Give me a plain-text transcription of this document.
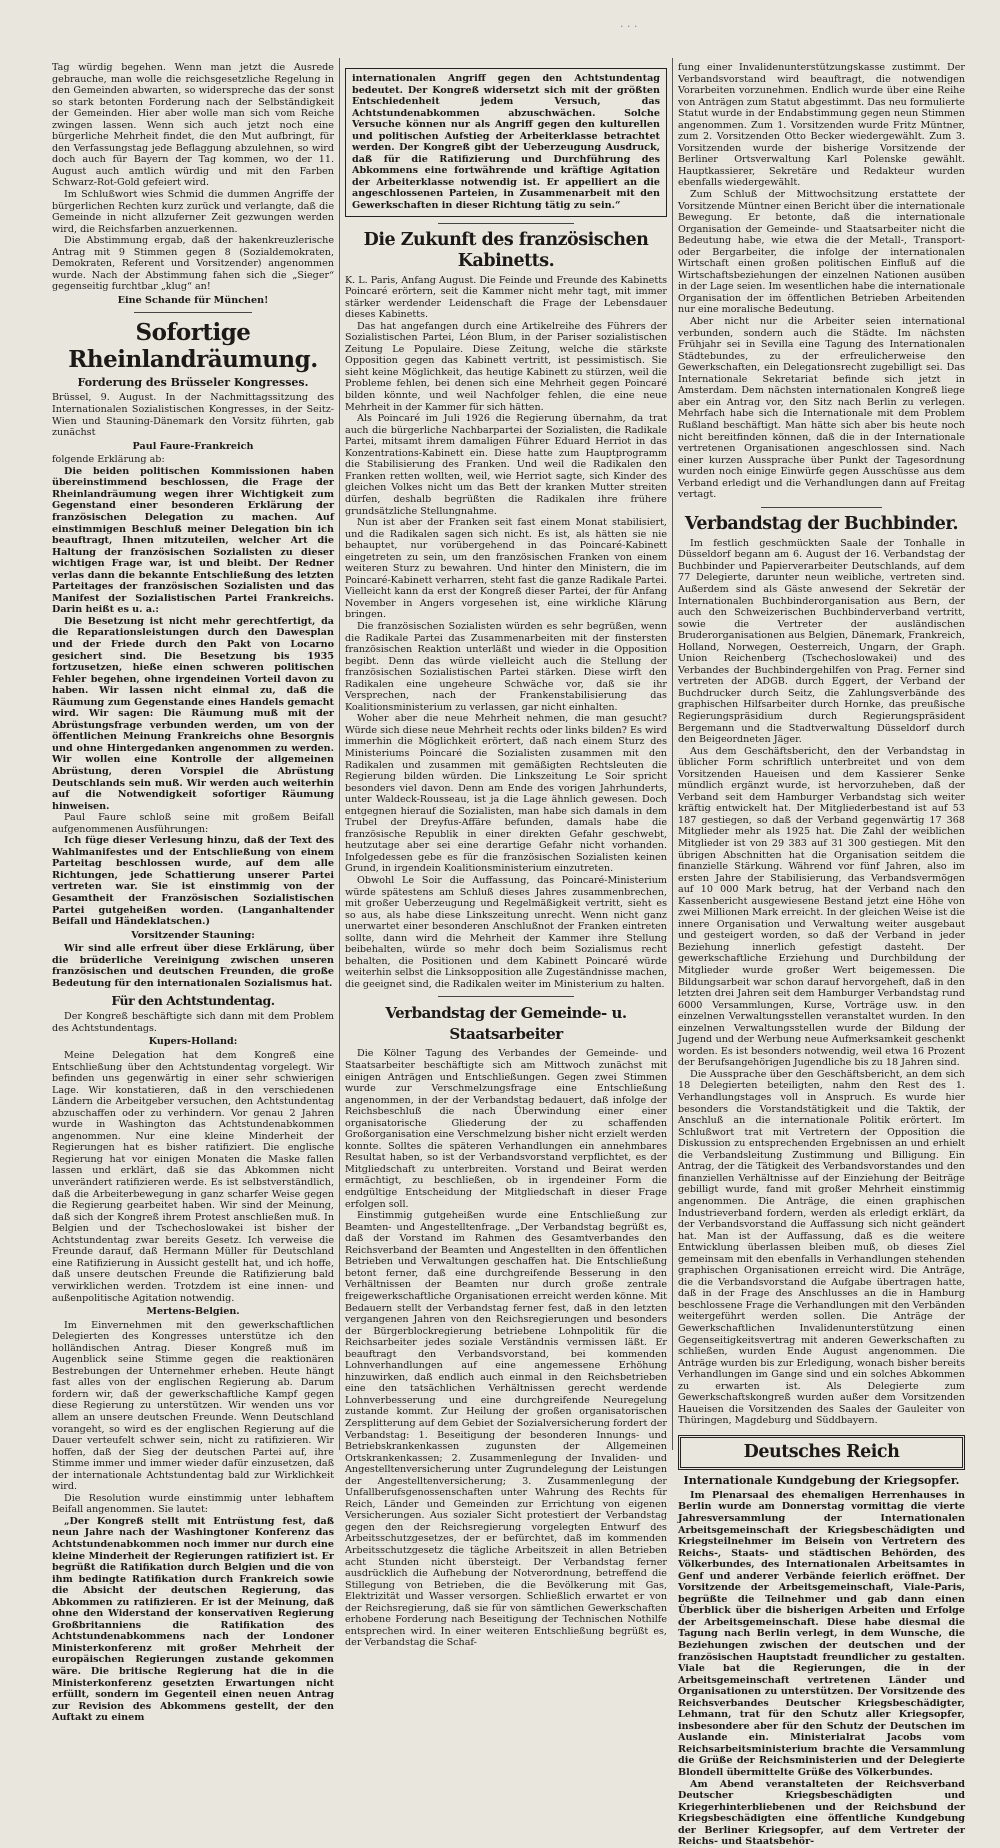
· · ·

Tag würdig begehen. Wenn man jetzt die Ausrede gebrauche, man wolle die reichsgesetzliche Regelung in den Gemeinden abwarten, so widerspreche das der sonst so stark betonten Forderung nach der Selbständigkeit der Gemeinden. Hier aber wolle man sich vom Reiche zwingen lassen. Wenn sich auch jetzt noch eine bürgerliche Mehrheit findet, die den Mut aufbringt, für den Verfassungstag jede Beflaggung abzulehnen, so wird doch auch für Bayern der Tag kommen, wo der 11. August auch amtlich würdig und mit den Farben Schwarz-Rot-Gold gefeiert wird.

Im Schlußwort wies Schmid die dummen Angriffe der bürgerlichen Rechten kurz zurück und verlangte, daß die Gemeinde in nicht allzuferner Zeit gezwungen werden wird, die Reichsfarben anzuerkennen.

Die Abstimmung ergab, daß der hakenkreuzlerische Antrag mit 9 Stimmen gegen 8 (Sozialdemokraten, Demokraten, Referent und Vorsitzender) angenommen wurde. Nach der Abstimmung fahen sich die „Sieger“ gegenseitig furchtbar „klug“ an!

Eine Schande für München!
Sofortige Rheinlandräumung.
Forderung des Brüsseler Kongresses.

Brüssel, 9. August. In der Nachmittagssitzung des Internationalen Sozialistischen Kongresses, in der Seitz-Wien und Stauning-Dänemark den Vorsitz führten, gab zunächst

Paul Faure-Frankreich

folgende Erklärung ab:

Die beiden politischen Kommissionen haben übereinstimmend beschlossen, die Frage der Rheinlandräumung wegen ihrer Wichtigkeit zum Gegenstand einer besonderen Erklärung der französischen Delegation zu machen. Auf einstimmigen Beschluß meiner Delegation bin ich beauftragt, Ihnen mitzuteilen, welcher Art die Haltung der französischen Sozialisten zu dieser wichtigen Frage war, ist und bleibt. Der Redner verlas dann die bekannte Entschließung des letzten Parteitages der französischen Sozialisten und das Manifest der Sozialistischen Partei Frankreichs. Darin heißt es u. a.:

Die Besetzung ist nicht mehr gerechtfertigt, da die Reparationsleistungen durch den Dawesplan und der Friede durch den Pakt von Locarno gesichert sind. Die Besetzung bis 1935 fortzusetzen, hieße einen schweren politischen Fehler begehen, ohne irgendeinen Vorteil davon zu haben. Wir lassen nicht einmal zu, daß die Räumung zum Gegenstande eines Handels gemacht wird. Wir sagen: Die Räumung muß mit der Abrüstungsfrage verbunden werden, um von der öffentlichen Meinung Frankreichs ohne Besorgnis und ohne Hintergedanken angenommen zu werden. Wir wollen eine Kontrolle der allgemeinen Abrüstung, deren Vorspiel die Abrüstung Deutschlands sein muß. Wir werden auch weiterhin auf die Notwendigkeit sofortiger Räumung hinweisen.

Paul Faure schloß seine mit großem Beifall aufgenommenen Ausführungen:

Ich füge dieser Verlesung hinzu, daß der Text des Wahlmanifestes und der Entschließung von einem Parteitag beschlossen wurde, auf dem alle Richtungen, jede Schattierung unserer Partei vertreten war. Sie ist einstimmig von der Gesamtheit der Französischen Sozialistischen Partei gutgeheißen worden. (Langanhaltender Beifall und Händeklatschen.)

Vorsitzender Stauning:

Wir sind alle erfreut über diese Erklärung, über die brüderliche Vereinigung zwischen unseren französischen und deutschen Freunden, die große Bedeutung für den internationalen Sozialismus hat.

Für den Achtstundentag.

Der Kongreß beschäftigte sich dann mit dem Problem des Achtstundentags.

Kupers-Holland:

Meine Delegation hat dem Kongreß eine Entschließung über den Achtstundentag vorgelegt. Wir befinden uns gegenwärtig in einer sehr schwierigen Lage. Wir konstatieren, daß in den verschiedenen Ländern die Arbeitgeber versuchen, den Achtstundentag abzuschaffen oder zu verhindern. Vor genau 2 Jahren wurde in Washington das Achtstundenabkommen angenommen. Nur eine kleine Minderheit der Regierungen hat es bisher ratifiziert. Die englische Regierung hat vor einigen Monaten die Maske fallen lassen und erklärt, daß sie das Abkommen nicht unverändert ratifizieren werde. Es ist selbstverständlich, daß die Arbeiterbewegung in ganz scharfer Weise gegen die Regierung gearbeitet haben. Wir sind der Meinung, daß sich der Kongreß ihrem Protest anschließen muß. In Belgien und der Tschechoslowakei ist bisher der Achtstundentag zwar bereits Gesetz. Ich verweise die Freunde darauf, daß Hermann Müller für Deutschland eine Ratifizierung in Aussicht gestellt hat, und ich hoffe, daß unsere deutschen Freunde die Ratifizierung bald verwirklichen werden. Trotzdem ist eine innen- und außenpolitische Agitation notwendig.

Mertens-Belgien.

Im Einvernehmen mit den gewerkschaftlichen Delegierten des Kongresses unterstütze ich den holländischen Antrag. Dieser Kongreß muß im Augenblick seine Stimme gegen die reaktionären Bestrebungen der Unternehmer erheben. Heute hängt fast alles von der englischen Regierung ab. Darum fordern wir, daß der gewerkschaftliche Kampf gegen diese Regierung zu unterstützen. Wir wenden uns vor allem an unsere deutschen Freunde. Wenn Deutschland vorangeht, so wird es der englischen Regierung auf die Dauer verteufelt schwer sein, nicht zu ratifizieren. Wir hoffen, daß der Sieg der deutschen Partei auf, ihre Stimme immer und immer wieder dafür einzusetzen, daß der internationale Achtstundentag bald zur Wirklichkeit wird.

Die Resolution wurde einstimmig unter lebhaftem Beifall angenommen. Sie lautet:

„Der Kongreß stellt mit Entrüstung fest, daß neun Jahre nach der Washingtoner Konferenz das Achtstundenabkommen noch immer nur durch eine kleine Minderheit der Regierungen ratifiziert ist. Er begrüßt die Ratifikation durch Belgien und die von ihm bedingte Ratifikation durch Frankreich sowie die Absicht der deutschen Regierung, das Abkommen zu ratifizieren. Er ist der Meinung, daß ohne den Widerstand der konservativen Regierung Großbritanniens die Ratifikation des Achtstundenabkommens nach der Londoner Ministerkonferenz mit großer Mehrheit der europäischen Regierungen zustande gekommen wäre. Die britische Regierung hat die in die Ministerkonferenz gesetzten Erwartungen nicht erfüllt, sondern im Gegenteil einen neuen Antrag zur Revision des Abkommens gestellt, der den Auftakt zu einem

internationalen Angriff gegen den Achtstundentag bedeutet. Der Kongreß widersetzt sich mit der größten Entschiedenheit jedem Versuch, das Achtstundenabkommen abzuschwächen. Solche Versuche können nur als Angriff gegen den kulturellen und politischen Aufstieg der Arbeiterklasse betrachtet werden. Der Kongreß gibt der Ueberzeugung Ausdruck, daß für die Ratifizierung und Durchführung des Abkommens eine fortwährende und kräftige Agitation der Arbeiterklasse notwendig ist. Er appelliert an die angeschlossenen Parteien, in Zusammenarbeit mit den Gewerkschaften in dieser Richtung tätig zu sein.“

Die Zukunft des französischen Kabinetts.

K. L. Paris, Anfang August. Die Feinde und Freunde des Kabinetts Poincaré erörtern, seit die Kammer nicht mehr tagt, mit immer stärker werdender Leidenschaft die Frage der Lebensdauer dieses Kabinetts.

Das hat angefangen durch eine Artikelreihe des Führers der Sozialistischen Partei, Léon Blum, in der Pariser sozialistischen Zeitung Le Populaire. Diese Zeitung, welche die stärkste Opposition gegen das Kabinett vertritt, ist pessimistisch. Sie sieht keine Möglichkeit, das heutige Kabinett zu stürzen, weil die Probleme fehlen, bei denen sich eine Mehrheit gegen Poincaré bilden könnte, und weil Nachfolger fehlen, die eine neue Mehrheit in der Kammer für sich hätten.

Als Poincaré im Juli 1926 die Regierung übernahm, da trat auch die bürgerliche Nachbarpartei der Sozialisten, die Radikale Partei, mitsamt ihrem damaligen Führer Eduard Herriot in das Konzentrations-Kabinett ein. Diese hatte zum Hauptprogramm die Stabilisierung des Franken. Und weil die Radikalen den Franken retten wollten, weil, wie Herriot sagte, sich Kinder des gleichen Volkes nicht um das Bett der kranken Mutter streiten dürfen, deshalb begrüßten die Radikalen ihre frühere grundsätzliche Stellungnahme.

Nun ist aber der Franken seit fast einem Monat stabilisiert, und die Radikalen sagen sich nicht. Es ist, als hätten sie nie behauptet, nur vorübergehend in das Poincaré-Kabinett eingetreten zu sein, um den französischen Franken von einem weiteren Sturz zu bewahren. Und hinter den Ministern, die im Poincaré-Kabinett verharren, steht fast die ganze Radikale Partei. Vielleicht kann da erst der Kongreß dieser Partei, der für Anfang November in Angers vorgesehen ist, eine wirkliche Klärung bringen.

Die französischen Sozialisten würden es sehr begrüßen, wenn die Radikale Partei das Zusammenarbeiten mit der finstersten französischen Reaktion unterläßt und wieder in die Opposition begibt. Denn das würde vielleicht auch die Stellung der französischen Sozialistischen Partei stärken. Diese wirft den Radikalen eine ungeheure Schwäche vor, daß sie ihr Versprechen, nach der Frankenstabilisierung das Koalitionsministerium zu verlassen, gar nicht einhalten.

Woher aber die neue Mehrheit nehmen, die man gesucht? Würde sich diese neue Mehrheit rechts oder links bilden? Es wird immerhin die Möglichkeit erörtert, daß nach einem Sturz des Ministeriums Poincaré die Sozialisten zusammen mit den Radikalen und zusammen mit gemäßigten Rechtsleuten die Regierung bilden würden. Die Linkszeitung Le Soir spricht besonders viel davon. Denn am Ende des vorigen Jahrhunderts, unter Waldeck-Rousseau, ist ja die Lage ähnlich gewesen. Doch entgegnen hierauf die Sozialisten, man habe sich damals in dem Trubel der Dreyfus-Affäre befunden, damals habe die französische Republik in einer direkten Gefahr geschwebt, heutzutage aber sei eine derartige Gefahr nicht vorhanden. Infolgedessen gebe es für die französischen Sozialisten keinen Grund, in irgendein Koalitionsministerium einzutreten.

Obwohl Le Soir die Auffassung, das Poincaré-Ministerium würde spätestens am Schluß dieses Jahres zusammenbrechen, mit großer Ueberzeugung und Regelmäßigkeit vertritt, sieht es so aus, als habe diese Linkszeitung unrecht. Wenn nicht ganz unerwartet einer besonderen Anschlußnot der Franken eintreten sollte, dann wird die Mehrheit der Kammer ihre Stellung beibehalten, würde so mehr doch beim Sozialismus recht behalten, die Positionen und dem Kabinett Poincaré würde weiterhin selbst die Linksopposition alle Zugeständnisse machen, die geeignet sind, die Radikalen weiter im Ministerium zu halten.

Verbandstag der Gemeinde- u. Staatsarbeiter

Die Kölner Tagung des Verbandes der Gemeinde- und Staatsarbeiter beschäftigte sich am Mittwoch zunächst mit einigen Anträgen und Entschließungen. Gegen zwei Stimmen wurde zur Verschmelzungsfrage eine Entschließung angenommen, in der der Verbandstag bedauert, daß infolge der Reichsbeschluß die nach Überwindung einer einer organisatorische Gliederung der zu schaffenden Großorganisation eine Verschmelzung bisher nicht erzielt werden konnte. Solltes die späteren Verhandlungen ein annehmbares Resultat haben, so ist der Verbandsvorstand verpflichtet, es der Mitgliedschaft zu unterbreiten. Vorstand und Beirat werden ermächtigt, zu beschließen, ob in irgendeiner Form die endgültige Entscheidung der Mitgliedschaft in dieser Frage erfolgen soll.

Einstimmig gutgeheißen wurde eine Entschließung zur Beamten- und Angestelltenfrage. „Der Verbandstag begrüßt es, daß der Vorstand im Rahmen des Gesamtverbandes den Reichsverband der Beamten und Angestellten in den öffentlichen Betrieben und Verwaltungen geschaffen hat. Die Entschließung betont ferner, daß eine durchgreifende Besserung in den Verhältnissen der Beamten nur durch große zentrale freigewerkschaftliche Organisationen erreicht werden könne. Mit Bedauern stellt der Verbandstag ferner fest, daß in den letzten vergangenen Jahren von den Reichsregierungen und besonders der Bürgerblockregierung betriebene Lohnpolitik für die Reichsarbeiter jedes soziale Verständnis vermissen läßt. Er beauftragt den Verbandsvorstand, bei kommenden Lohnverhandlungen auf eine angemessene Erhöhung hinzuwirken, daß endlich auch einmal in den Reichsbetrieben eine den tatsächlichen Verhältnissen gerecht werdende Lohnverbesserung und eine durchgreifende Neuregelung zustande kommt. Zur Heilung der großen organisatorischen Zersplitterung auf dem Gebiet der Sozialversicherung fordert der Verbandstag: 1. Beseitigung der besonderen Innungs- und Betriebskrankenkassen zugunsten der Allgemeinen Ortskrankenkassen; 2. Zusammenlegung der Invaliden- und Angestelltenversicherung unter Zugrundelegung der Leistungen der Angestelltenversicherung; 3. Zusammenlegung der Unfallberufsgenossenschaften unter Wahrung des Rechts für Reich, Länder und Gemeinden zur Errichtung von eigenen Versicherungen. Aus sozialer Sicht protestiert der Verbandstag gegen den der Reichsregierung vorgelegten Entwurf des Arbeitsschutzgesetzes, der er befürchtet, daß im kommenden Arbeitsschutzgesetz die tägliche Arbeitszeit in allen Betrieben acht Stunden nicht übersteigt. Der Verbandstag ferner ausdrücklich die Aufhebung der Notverordnung, betreffend die Stillegung von Betrieben, die die Bevölkerung mit Gas, Elektrizität und Wasser versorgen. Schließlich erwartet er von der Reichsregierung, daß sie für von sämtlichen Gewerkschaften erhobene Forderung nach Beseitigung der Technischen Nothilfe entsprechen wird. In einer weiteren Entschließung begrüßt es, der Verbandstag die Schaf-

fung einer Invalidenunterstützungskasse zustimmt. Der Verbandsvorstand wird beauftragt, die notwendigen Vorarbeiten vorzunehmen. Endlich wurde über eine Reihe von Anträgen zum Statut abgestimmt. Das neu formulierte Statut wurde in der Endabstimmung gegen neun Stimmen angenommen. Zum 1. Vorsitzenden wurde Fritz Müntner, zum 2. Vorsitzenden Otto Becker wiedergewählt. Zum 3. Vorsitzenden wurde der bisherige Vorsitzende der Berliner Ortsverwaltung Karl Polenske gewählt. Hauptkassierer, Sekretäre und Redakteur wurden ebenfalls wiedergewählt.

Zum Schluß der Mittwochsitzung erstattete der Vorsitzende Müntner einen Bericht über die internationale Bewegung. Er betonte, daß die internationale Organisation der Gemeinde- und Staatsarbeiter nicht die Bedeutung habe, wie etwa die der Metall-, Transport- oder Bergarbeiter, die infolge der internationalen Wirtschaft einen großen politischen Einfluß auf die Wirtschaftsbeziehungen der einzelnen Nationen ausüben in der Lage seien. Im wesentlichen habe die internationale Organisation der im öffentlichen Betrieben Arbeitenden nur eine moralische Bedeutung.

Aber nicht nur die Arbeiter seien international verbunden, sondern auch die Städte. Im nächsten Frühjahr sei in Sevilla eine Tagung des Internationalen Städtebundes, zu der erfreulicherweise den Gewerkschaften, ein Delegationsrecht zugebilligt sei. Das Internationale Sekretariat befinde sich jetzt in Amsterdam. Dem nächsten internationalen Kongreß liege aber ein Antrag vor, den Sitz nach Berlin zu verlegen. Mehrfach habe sich die Internationale mit dem Problem Rußland beschäftigt. Man hätte sich aber bis heute noch nicht bereitfinden können, daß die in der Internationale vertretenen Organisationen angeschlossen sind. Nach einer kurzen Aussprache über Punkt der Tagesordnung wurden noch einige Einwürfe gegen Ausschüsse aus dem Verband erledigt und die Verhandlungen dann auf Freitag vertagt.

Verbandstag der Buchbinder.

Im festlich geschmückten Saale der Tonhalle in Düsseldorf begann am 6. August der 16. Verbandstag der Buchbinder und Papierverarbeiter Deutschlands, auf dem 77 Delegierte, darunter neun weibliche, vertreten sind. Außerdem sind als Gäste anwesend der Sekretär der Internationalen Buchbinderorganisation aus Bern, der auch den Schweizerischen Buchbinderverband vertritt, sowie die Vertreter der ausländischen Bruderorganisationen aus Belgien, Dänemark, Frankreich, Holland, Norwegen, Oesterreich, Ungarn, der Graph. Union Reichenberg (Tschechoslowakei) und des Verbandes der Buchbindergehilfen von Prag. Ferner sind vertreten der ADGB. durch Eggert, der Verband der Buchdrucker durch Seitz, die Zahlungsverbände des graphischen Hilfsarbeiter durch Hornke, das preußische Regierungspräsidium durch Regierungspräsident Bergemann und die Stadtverwaltung Düsseldorf durch den Beigeordneten Jäger.

Aus dem Geschäftsbericht, den der Verbandstag in üblicher Form schriftlich unterbreitet und von dem Vorsitzenden Haueisen und dem Kassierer Senke mündlich ergänzt wurde, ist hervorzuheben, daß der Verband seit dem Hamburger Verbandstag sich weiter kräftig entwickelt hat. Der Mitgliederbestand ist auf 53 187 gestiegen, so daß der Verband gegenwärtig 17 368 Mitglieder mehr als 1925 hat. Die Zahl der weiblichen Mitglieder ist von 29 383 auf 31 300 gestiegen. Mit den übrigen Abschnitten hat die Organisation seitdem die finanzielle Stärkung. Während vor fünf Jahren, also im ersten Jahre der Stabilisierung, das Verbandsvermögen auf 10 000 Mark betrug, hat der Verband nach den Kassenbericht ausgewiesene Bestand jetzt eine Höhe von zwei Millionen Mark erreicht. In der gleichen Weise ist die innere Organisation und Verwaltung weiter ausgebaut und gesteigert worden, so daß der Verband in jeder Beziehung innerlich gefestigt dasteht. Der gewerkschaftliche Erziehung und Durchbildung der Mitglieder wurde großer Wert beigemessen. Die Bildungsarbeit war schon darauf hervorgeheft, daß in den letzten drei Jahren seit dem Hamburger Verbandstag rund 6000 Versammlungen, Kurse, Vorträge usw. in den einzelnen Verwaltungsstellen veranstaltet wurden. In den einzelnen Verwaltungsstellen wurde der Bildung der Jugend und der Werbung neue Aufmerksamkeit geschenkt worden. Es ist besonders notwendig, weil etwa 16 Prozent der Berufsangehörigen Jugendliche bis zu 18 Jahren sind.

Die Aussprache über den Geschäftsbericht, an dem sich 18 Delegierten beteiligten, nahm den Rest des 1. Verhandlungstages voll in Anspruch. Es wurde hier besonders die Vorstandstätigkeit und die Taktik, der Anschluß an die internationale Politik erörtert. Im Schlußwort trat mit Vertretern der Opposition die Diskussion zu entsprechenden Ergebnissen an und erhielt die Verbandsleitung Zustimmung und Billigung. Ein Antrag, der die Tätigkeit des Verbandsvorstandes und den finanziellen Verhältnisse auf der Einziehung der Beiträge gebilligt wurde, fand mit großer Mehrheit einstimmig angenommen. Die Anträge, die einen graphischen Industrieverband fordern, werden als erledigt erklärt, da der Verbandsvorstand die Auffassung sich nicht geändert hat. Man ist der Auffassung, daß es die weitere Entwicklung überlassen bleiben muß, ob dieses Ziel gemeinsam mit den ebenfalls in Verhandlungen stehenden graphischen Organisationen erreicht wird. Die Anträge, die die Verbandsvorstand die Aufgabe übertragen hatte, daß in der Frage des Anschlusses an die in Hamburg beschlossene Frage die Verhandlungen mit den Verbänden weitergeführt werden sollen. Die Anträge der Gewerkschaftlichen Invalidenunterstützung einen Gegenseitigkeitsvertrag mit anderen Gewerkschaften zu schließen, wurden Ende August angenommen. Die Anträge wurden bis zur Erledigung, wonach bisher bereits Verhandlungen im Gange sind und ein solches Abkommen zu erwarten ist. Als Delegierte zum Gewerkschaftskongreß wurden außer dem Vorsitzenden Haueisen die Vorsitzenden des Saales der Gauleiter von Thüringen, Magdeburg und Süddbayern.

Deutsches Reich
Internationale Kundgebung der Kriegsopfer.

Im Plenarsaal des ehemaligen Herrenhauses in Berlin wurde am Donnerstag vormittag die vierte Jahresversammlung der Internationalen Arbeitsgemeinschaft der Kriegsbeschädigten und Kriegsteilnehmer im Beisein von Vertretern des Reichs-, Staats- und städtischen Behörden, des Völkerbundes, des Internationalen Arbeitsamtes in Genf und anderer Verbände feierlich eröffnet. Der Vorsitzende der Arbeitsgemeinschaft, Viale-Paris, begrüßte die Teilnehmer und gab dann einen Überblick über die bisherigen Arbeiten und Erfolge der Arbeitsgemeinschaft. Diese habe diesmal die Tagung nach Berlin verlegt, in dem Wunsche, die Beziehungen zwischen der deutschen und der französischen Hauptstadt freundlicher zu gestalten. Viale bat die Regierungen, die in der Arbeitsgemeinschaft vertretenen Länder und Organisationen zu unterstützen. Der Vorsitzende des Reichsverbandes Deutscher Kriegsbeschädigter, Lehmann, trat für den Schutz aller Kriegsopfer, insbesondere aber für den Schutz der Deutschen im Auslande ein. Ministerialrat Jacobs vom Reichsarbeitsministerium brachte die Versammlung die Grüße der Reichsministerien und der Delegierte Blondell übermittelte Grüße des Völkerbundes.

Am Abend veranstalteten der Reichsverband Deutscher Kriegsbeschädigten und Kriegerhinterbliebenen und der Reichsbund der Kriegsbeschädigten eine öffentliche Kundgebung der Berliner Kriegsopfer, auf dem Vertreter der Reichs- und Staatsbehör-
